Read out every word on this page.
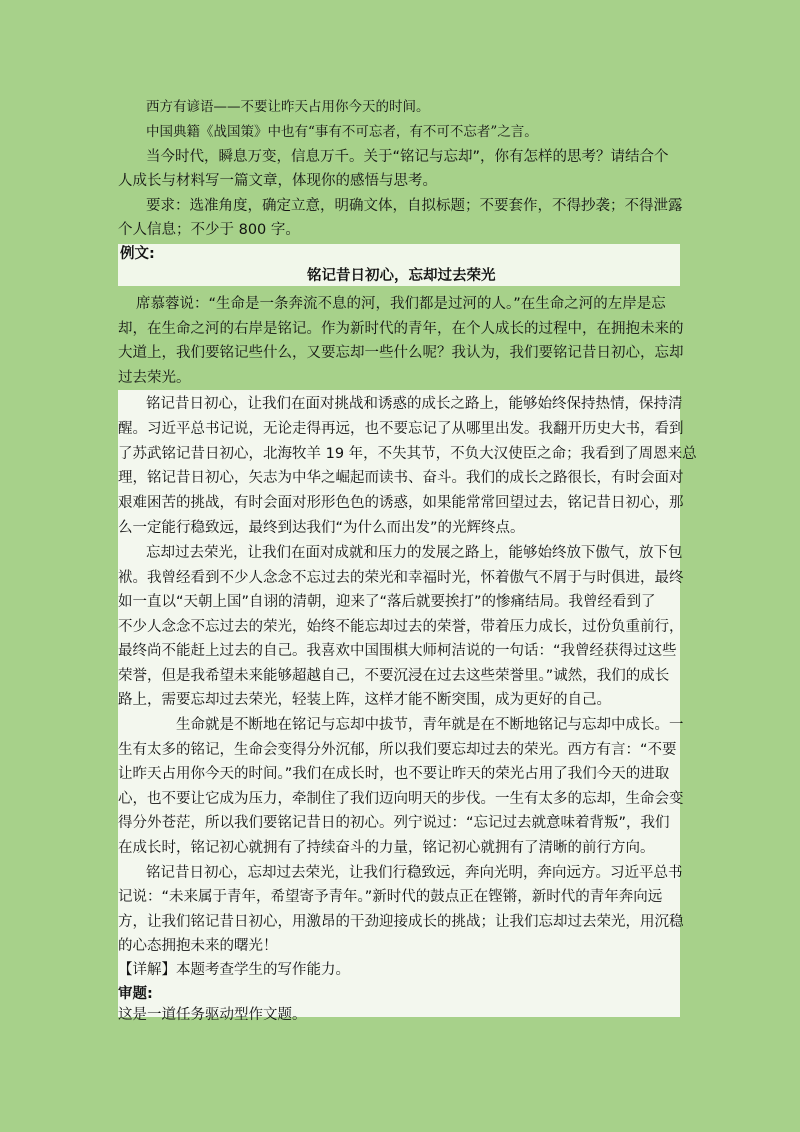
西方有谚语——不要让昨天占用你今天的时间。
中国典籍《战国策》中也有“事有不可忘者，有不可不忘者”之言。
当今时代，瞬息万变，信息万千。关于“铭记与忘却”，你有怎样的思考？请结合个
人成长与材料写一篇文章，体现你的感悟与思考。
要求：选准角度，确定立意，明确文体，自拟标题；不要套作，不得抄袭；不得泄露
个人信息；不少于 800 字。
例文:
铭记昔日初心，忘却过去荣光
席慕蓉说：“生命是一条奔流不息的河，我们都是过河的人。”在生命之河的左岸是忘
却，在生命之河的右岸是铭记。作为新时代的青年，在个人成长的过程中，在拥抱未来的
大道上，我们要铭记些什么，又要忘却一些什么呢？我认为，我们要铭记昔日初心，忘却
过去荣光。
铭记昔日初心，让我们在面对挑战和诱惑的成长之路上，能够始终保持热情，保持清
醒。习近平总书记说，无论走得再远，也不要忘记了从哪里出发。我翻开历史大书，看到
了苏武铭记昔日初心，北海牧羊 19 年，不失其节，不负大汉使臣之命；我看到了周恩来总
理，铭记昔日初心，矢志为中华之崛起而读书、奋斗。我们的成长之路很长，有时会面对
艰难困苦的挑战，有时会面对形形色色的诱惑，如果能常常回望过去，铭记昔日初心，那
么一定能行稳致远，最终到达我们“为什么而出发”的光辉终点。
忘却过去荣光，让我们在面对成就和压力的发展之路上，能够始终放下傲气，放下包
袱。我曾经看到不少人念念不忘过去的荣光和幸福时光，怀着傲气不屑于与时俱进，最终
如一直以“天朝上国”自诩的清朝，迎来了“落后就要挨打”的惨痛结局。我曾经看到了
不少人念念不忘过去的荣光，始终不能忘却过去的荣誉，带着压力成长，过份负重前行，
最终尚不能赶上过去的自己。我喜欢中国围棋大师柯洁说的一句话：“我曾经获得过这些
荣誉，但是我希望未来能够超越自己，不要沉浸在过去这些荣誉里。”诚然，我们的成长
路上，需要忘却过去荣光，轻装上阵，这样才能不断突围，成为更好的自己。
生命就是不断地在铭记与忘却中拔节，青年就是在不断地铭记与忘却中成长。一
生有太多的铭记，生命会变得分外沉郁，所以我们要忘却过去的荣光。西方有言：“不要
让昨天占用你今天的时间。”我们在成长时，也不要让昨天的荣光占用了我们今天的进取
心，也不要让它成为压力，牵制住了我们迈向明天的步伐。一生有太多的忘却，生命会变
得分外苍茫，所以我们要铭记昔日的初心。列宁说过：“忘记过去就意味着背叛”，我们
在成长时，铭记初心就拥有了持续奋斗的力量，铭记初心就拥有了清晰的前行方向。
铭记昔日初心，忘却过去荣光，让我们行稳致远，奔向光明，奔向远方。习近平总书
记说：“未来属于青年，希望寄予青年。”新时代的鼓点正在铿锵，新时代的青年奔向远
方，让我们铭记昔日初心，用激昂的干劲迎接成长的挑战；让我们忘却过去荣光，用沉稳
的心态拥抱未来的曙光！
【详解】本题考查学生的写作能力。
审题:
这是一道任务驱动型作文题。
